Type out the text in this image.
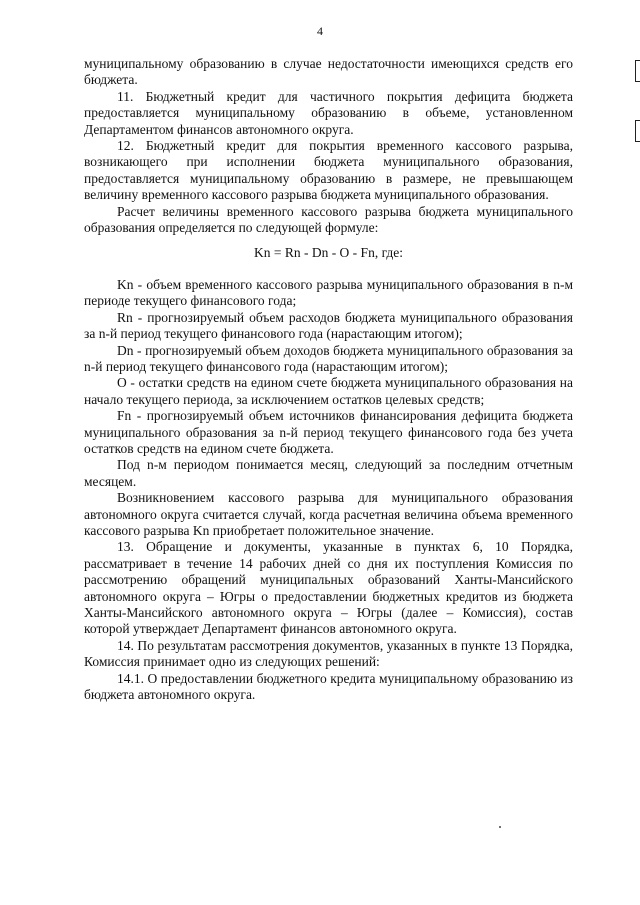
4

муниципальному образованию в случае недостаточности имеющихся средств его бюджета.

11. Бюджетный кредит для частичного покрытия дефицита бюджета предоставляется муниципальному образованию в объеме, установленном Департаментом финансов автономного округа.

12. Бюджетный кредит для покрытия временного кассового разрыва, возникающего при исполнении бюджета муниципального образования, предоставляется муниципальному образованию в размере, не превышающем величину временного кассового разрыва бюджета муниципального образования.

Расчет величины временного кассового разрыва бюджета муниципального образования определяется по следующей формуле:

Kn = Rn - Dn - O - Fn, где:

Kn - объем временного кассового разрыва муниципального образования в n-м периоде текущего финансового года;

Rn - прогнозируемый объем расходов бюджета муниципального образования за n-й период текущего финансового года (нарастающим итогом);

Dn - прогнозируемый объем доходов бюджета муниципального образования за n-й период текущего финансового года (нарастающим итогом);

O - остатки средств на едином счете бюджета муниципального образования на начало текущего периода, за исключением остатков целевых средств;

Fn - прогнозируемый объем источников финансирования дефицита бюджета муниципального образования за n-й период текущего финансового года без учета остатков средств на едином счете бюджета.

Под n-м периодом понимается месяц, следующий за последним отчетным месяцем.

Возникновением кассового разрыва для муниципального образования автономного округа считается случай, когда расчетная величина объема временного кассового разрыва Kn приобретает положительное значение.

13. Обращение и документы, указанные в пунктах 6, 10 Порядка, рассматривает в течение 14 рабочих дней со дня их поступления Комиссия по рассмотрению обращений муниципальных образований Ханты-Мансийского автономного округа – Югры о предоставлении бюджетных кредитов из бюджета Ханты-Мансийского автономного округа – Югры (далее – Комиссия), состав которой утверждает Департамент финансов автономного округа.

14. По результатам рассмотрения документов, указанных в пункте 13 Порядка, Комиссия принимает одно из следующих решений:

14.1. О предоставлении бюджетного кредита муниципальному образованию из бюджета автономного округа.
